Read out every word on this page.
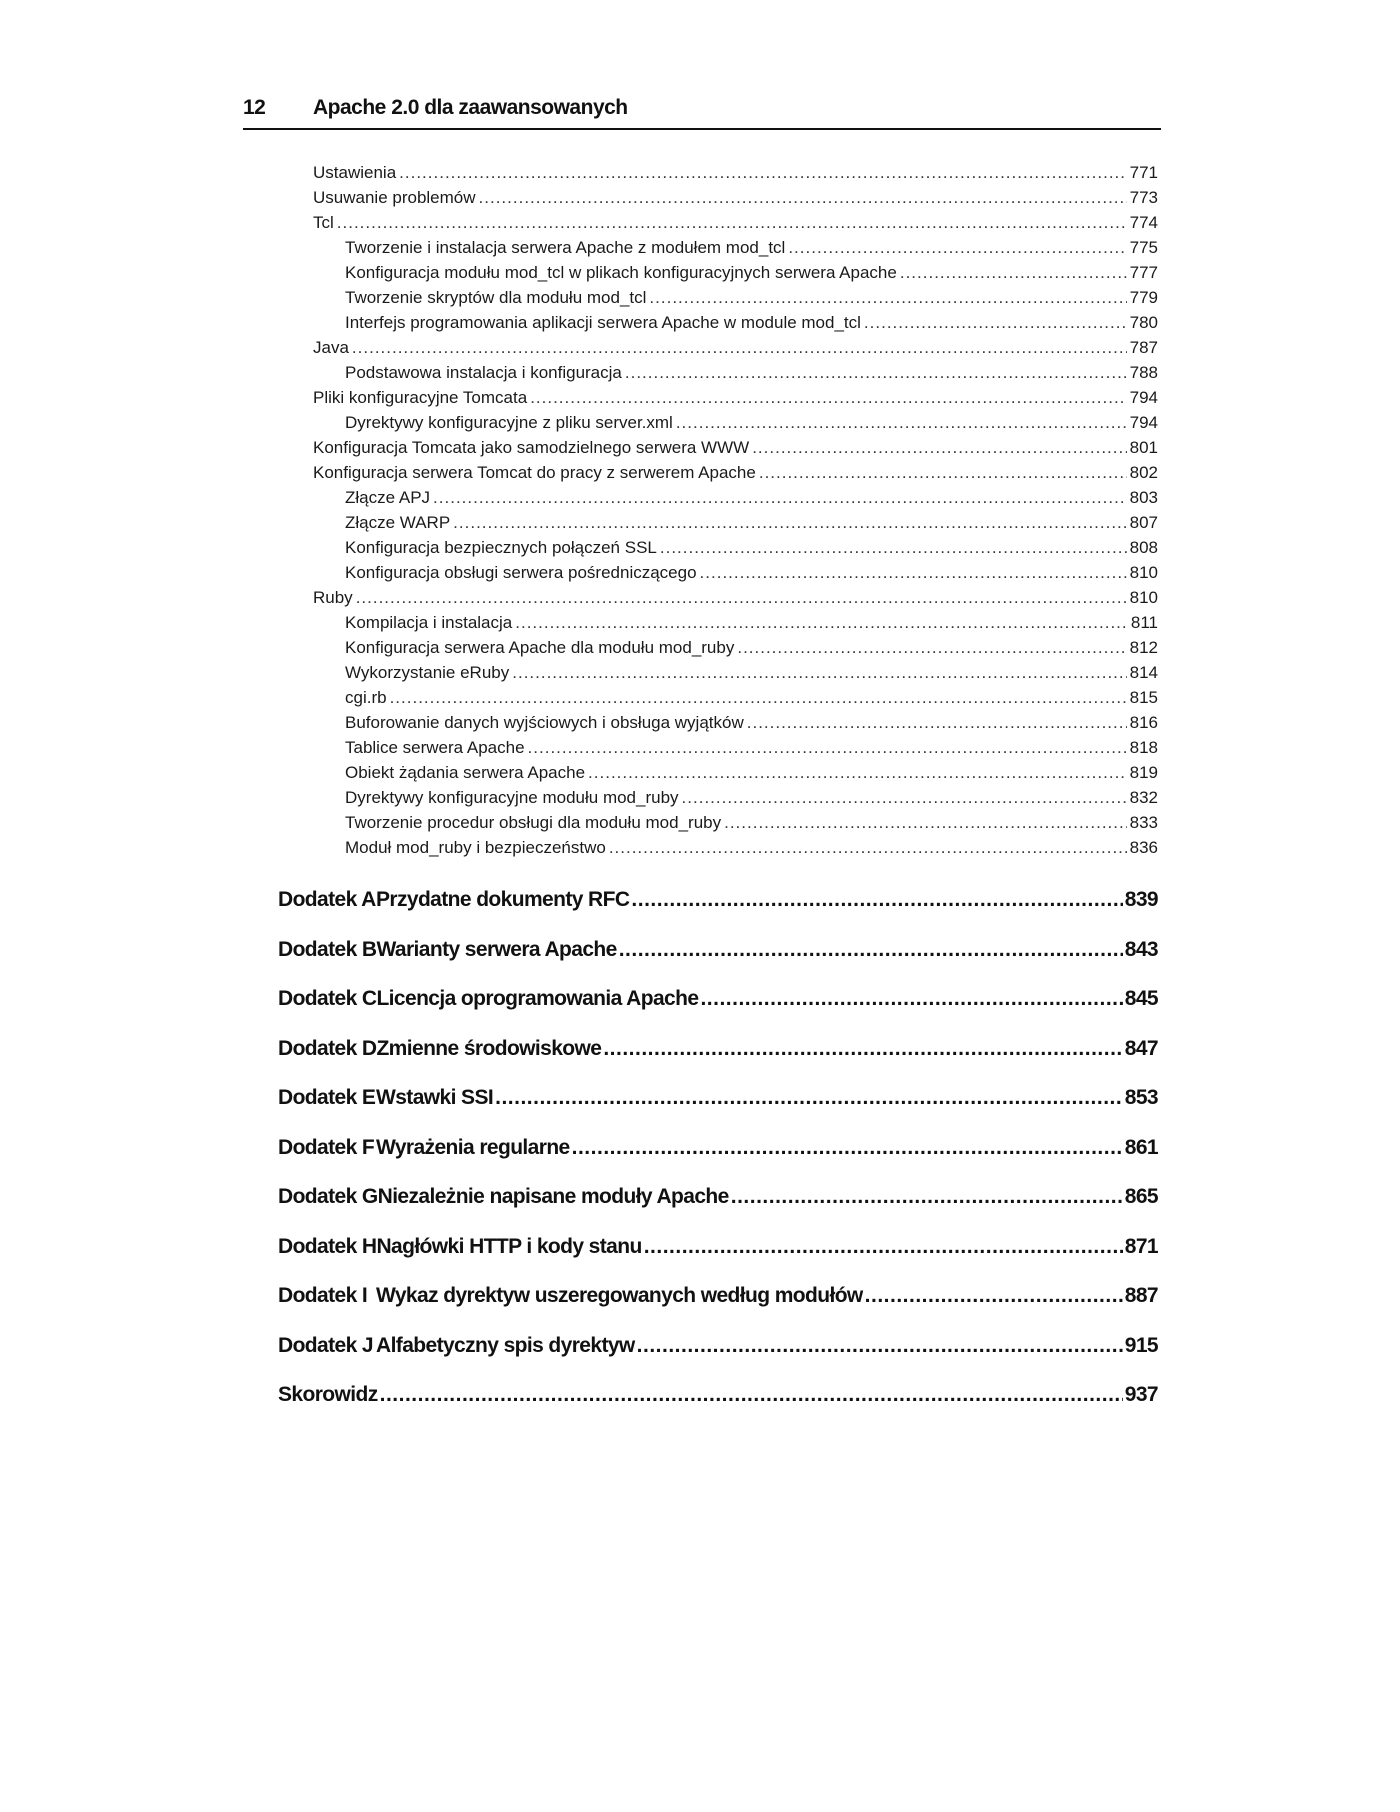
12 Apache 2.0 dla zaawansowanych
Ustawienia .....	771
Usuwanie problemów .....	773
Tcl .....	774
Tworzenie i instalacja serwera Apache z modułem mod_tcl .....	775
Konfiguracja modułu mod_tcl w plikach konfiguracyjnych serwera Apache .....	777
Tworzenie skryptów dla modułu mod_tcl .....	779
Interfejs programowania aplikacji serwera Apache w module mod_tcl .....	780
Java .....	787
Podstawowa instalacja i konfiguracja .....	788
Pliki konfiguracyjne Tomcata .....	794
Dyrektywy konfiguracyjne z pliku server.xml .....	794
Konfiguracja Tomcata jako samodzielnego serwera WWW .....	801
Konfiguracja serwera Tomcat do pracy z serwerem Apache .....	802
Złącze APJ .....	803
Złącze WARP .....	807
Konfiguracja bezpiecznych połączeń SSL .....	808
Konfiguracja obsługi serwera pośredniczącego .....	810
Ruby .....	810
Kompilacja i instalacja .....	811
Konfiguracja serwera Apache dla modułu mod_ruby .....	812
Wykorzystanie eRuby .....	814
cgi.rb .....	815
Buforowanie danych wyjściowych i obsługa wyjątków .....	816
Tablice serwera Apache .....	818
Obiekt żądania serwera Apache .....	819
Dyrektywy konfiguracyjne modułu mod_ruby .....	832
Tworzenie procedur obsługi dla modułu mod_ruby .....	833
Moduł mod_ruby i bezpieczeństwo .....	836
Dodatek A Przydatne dokumenty RFC .....	839
Dodatek B Warianty serwera Apache .....	843
Dodatek C Licencja oprogramowania Apache .....	845
Dodatek D Zmienne środowiskowe .....	847
Dodatek E Wstawki SSI .....	853
Dodatek F Wyrażenia regularne .....	861
Dodatek G Niezależnie napisane moduły Apache .....	865
Dodatek H Nagłówki HTTP i kody stanu .....	871
Dodatek I Wykaz dyrektyw uszeregowanych według modułów .....	887
Dodatek J Alfabetyczny spis dyrektyw .....	915
Skorowidz .....	937
